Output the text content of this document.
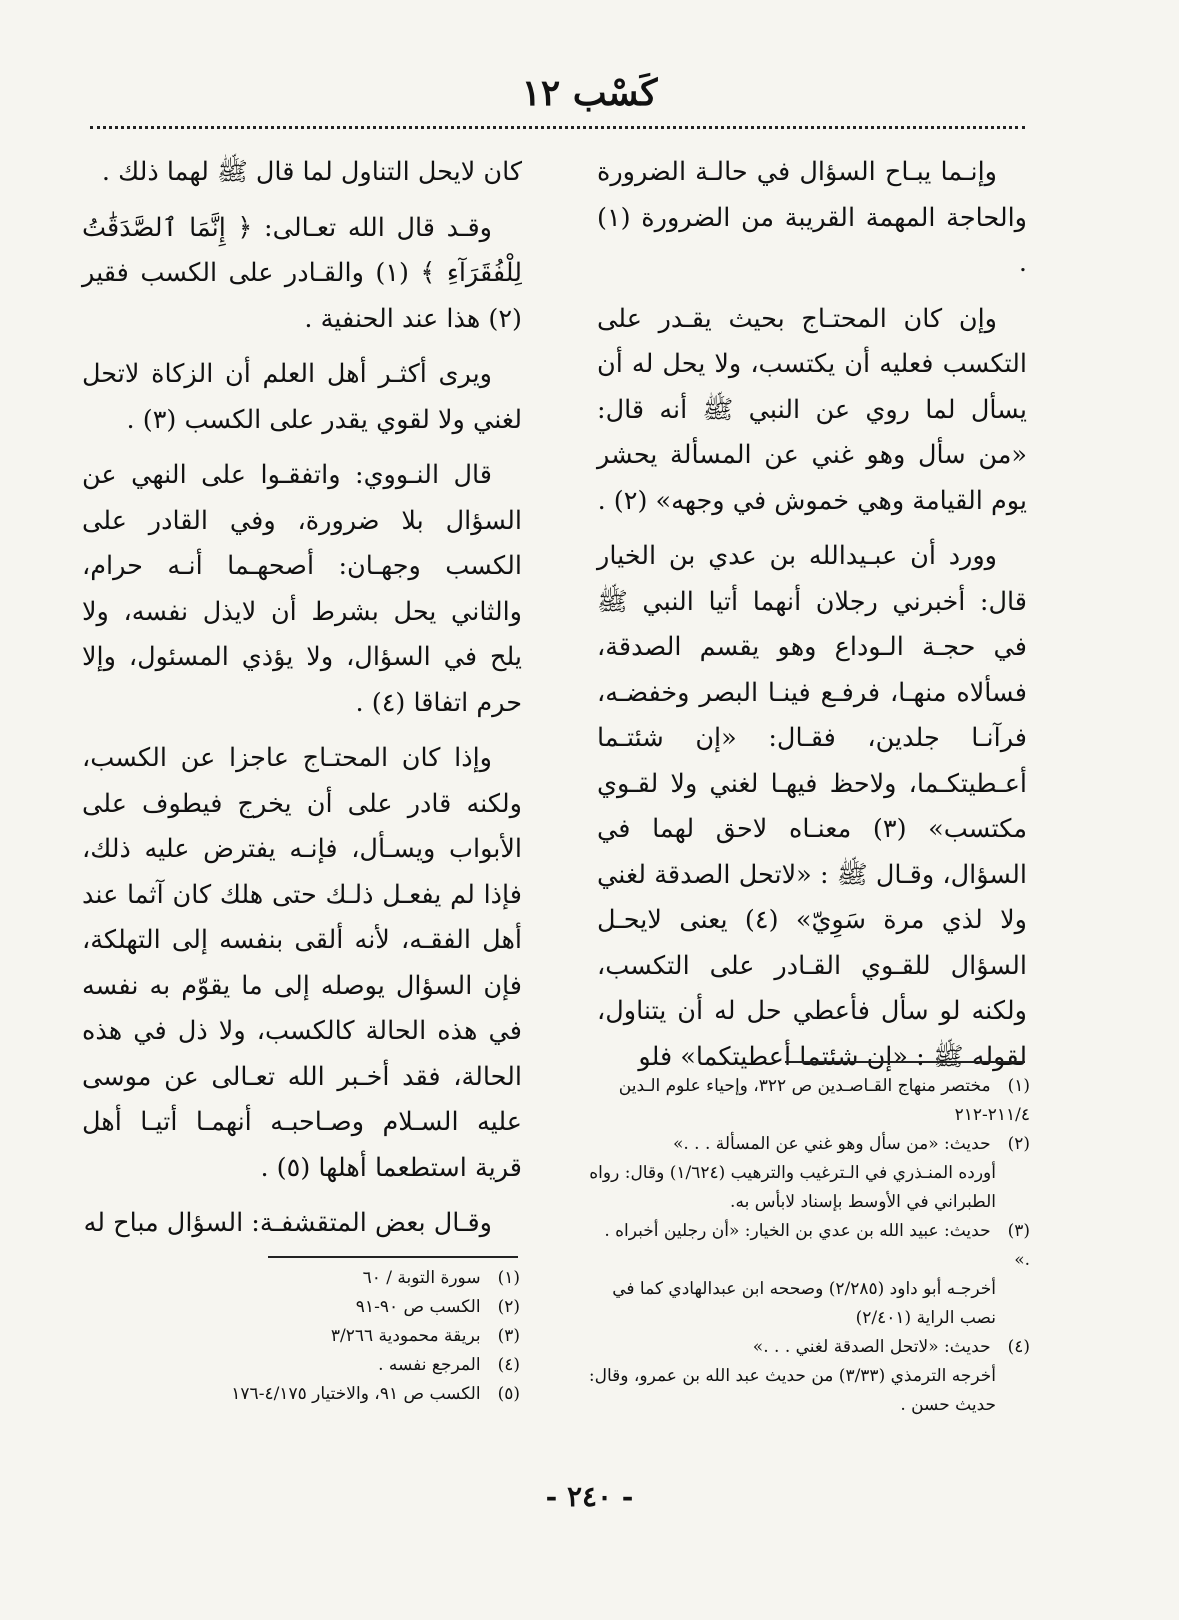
كَسْب ١٢

وإنـما يبـاح السؤال في حالـة الضرورة والحاجة المهمة القريبة من الضرورة (١) .

وإن كان المحتـاج بحيث يقـدر على التكسب فعليه أن يكتسب، ولا يحل له أن يسأل لما روي عن النبي ﷺ أنه قال: «من سأل وهو غني عن المسألة يحشر يوم القيامة وهي خموش في وجهه» (٢) .

وورد أن عبـيدالله بن عدي بن الخيار قال: أخبرني رجلان أنهما أتيا النبي ﷺ في حجـة الـوداع وهو يقسم الصدقة، فسألاه منهـا، فرفـع فينـا البصر وخفضـه، فرآنـا جلدين، فقـال: «إن شئتـما أعـطيتكـما، ولاحظ فيهـا لغني ولا لقـوي مكتسب» (٣) معنـاه لاحق لهما في السؤال، وقـال ﷺ : «لاتحل الصدقة لغني ولا لذي مرة سَوِيّ» (٤) يعنى لايحـل السؤال للقـوي القـادر على التكسب، ولكنه لو سأل فأعطي حل له أن يتناول، لقوله ﷺ : «إن شئتما أعطيتكما» فلو

كان لايحل التناول لما قال ﷺ لهما ذلك .

وقـد قال الله تعـالى: ﴿ إِنَّمَا ٱلصَّدَقَٰتُ لِلْفُقَرَآءِ ﴾ (١) والقـادر على الكسب فقير (٢) هذا عند الحنفية .

ويرى أكثـر أهل العلم أن الزكاة لاتحل لغني ولا لقوي يقدر على الكسب (٣) .

قال النـووي: واتفقـوا على النهي عن السؤال بلا ضرورة، وفي القادر على الكسب وجهـان: أصحهـما أنـه حرام، والثاني يحل بشرط أن لايذل نفسه، ولا يلح في السؤال، ولا يؤذي المسئول، وإلا حرم اتفاقا (٤) .

وإذا كان المحتـاج عاجزا عن الكسب، ولكنه قادر على أن يخرج فيطوف على الأبواب ويسـأل، فإنـه يفترض عليه ذلك، فإذا لم يفعـل ذلـك حتى هلك كان آثما عند أهل الفقـه، لأنه ألقى بنفسه إلى التهلكة، فإن السؤال يوصله إلى ما يقوّم به نفسه في هذه الحالة كالكسب، ولا ذل في هذه الحالة، فقد أخـبر الله تعـالى عن موسى عليه السـلام وصـاحبـه أنهمـا أتيـا أهل قرية استطعما أهلها (٥) .

وقـال بعض المتقشفـة: السؤال مباح له

(١) مختصر منهاج القـاصـدين ص ٣٢٢، وإحياء علوم الـدين ٢١١/٤-٢١٢
(٢) حديث: «من سأل وهو غني عن المسألة . . .»
أورده المنـذري في الـترغيب والترهيب (١/٦٢٤) وقال: رواه الطبراني في الأوسط بإسناد لابأس به.
(٣) حديث: عبيد الله بن عدي بن الخيار: «أن رجلين أخبراه . .»
أخرجـه أبو داود (٢/٢٨٥) وصححه ابن عبدالهادي كما في نصب الراية (٢/٤٠١)
(٤) حديث: «لاتحل الصدقة لغني . . .»
أخرجه الترمذي (٣/٣٣) من حديث عبد الله بن عمرو، وقال: حديث حسن .
(١) سورة التوبة / ٦٠
(٢) الكسب ص ٩٠-٩١
(٣) بريقة محمودية ٣/٢٦٦
(٤) المرجع نفسه .
(٥) الكسب ص ٩١، والاختيار ٤/١٧٥-١٧٦
- ٢٤٠ -
